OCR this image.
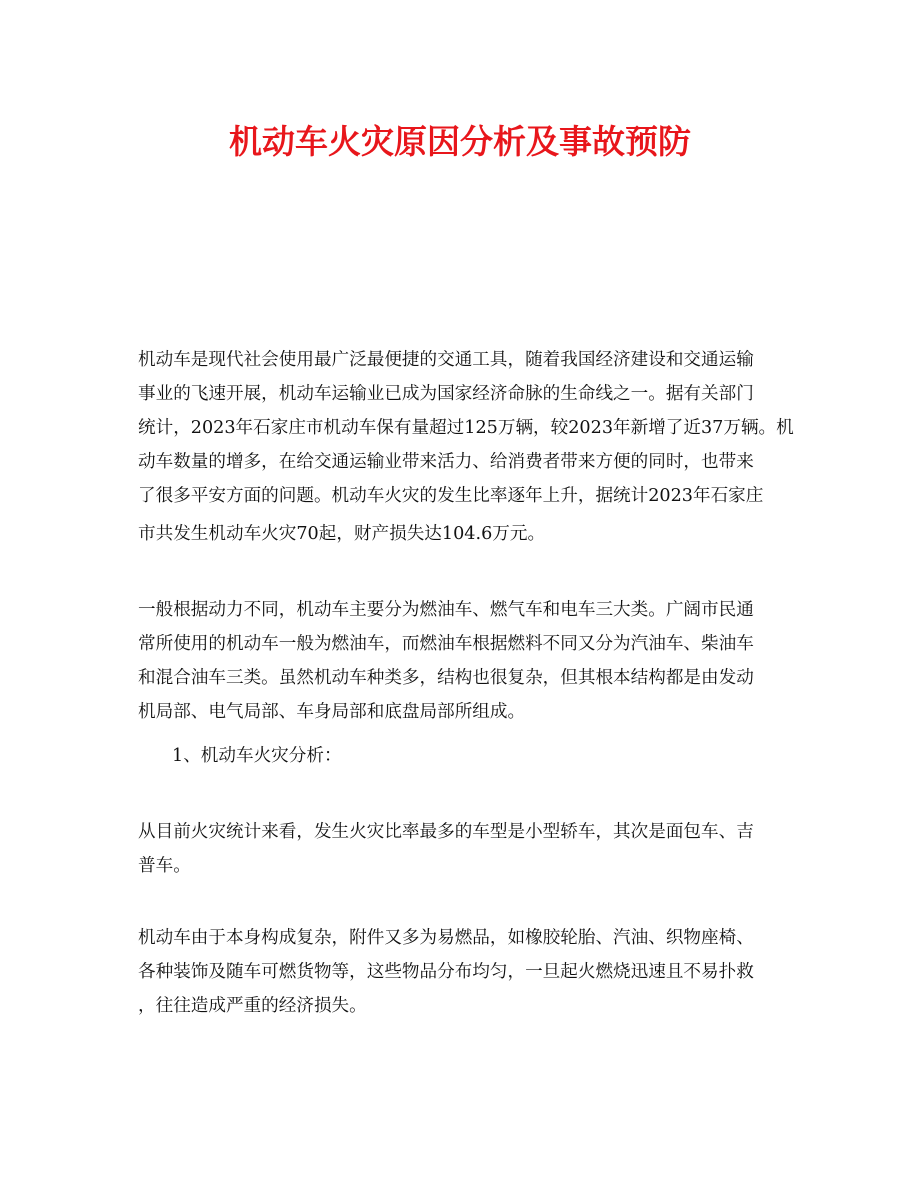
机动车火灾原因分析及事故预防

机动车是现代社会使用最广泛最便捷的交通工具，随着我国经济建设和交通运输

事业的飞速开展，机动车运输业已成为国家经济命脉的生命线之一。据有关部门

统计，2023年石家庄市机动车保有量超过125万辆，较2023年新增了近37万辆。机

动车数量的增多，在给交通运输业带来活力、给消费者带来方便的同时，也带来

了很多平安方面的问题。机动车火灾的发生比率逐年上升，据统计2023年石家庄

市共发生机动车火灾70起，财产损失达104.6万元。

一般根据动力不同，机动车主要分为燃油车、燃气车和电车三大类。广阔市民通

常所使用的机动车一般为燃油车，而燃油车根据燃料不同又分为汽油车、柴油车

和混合油车三类。虽然机动车种类多，结构也很复杂，但其根本结构都是由发动

机局部、电气局部、车身局部和底盘局部所组成。

1、机动车火灾分析：

从目前火灾统计来看，发生火灾比率最多的车型是小型轿车，其次是面包车、吉

普车。

机动车由于本身构成复杂，附件又多为易燃品，如橡胶轮胎、汽油、织物座椅、

各种装饰及随车可燃货物等，这些物品分布均匀，一旦起火燃烧迅速且不易扑救

，往往造成严重的经济损失。
